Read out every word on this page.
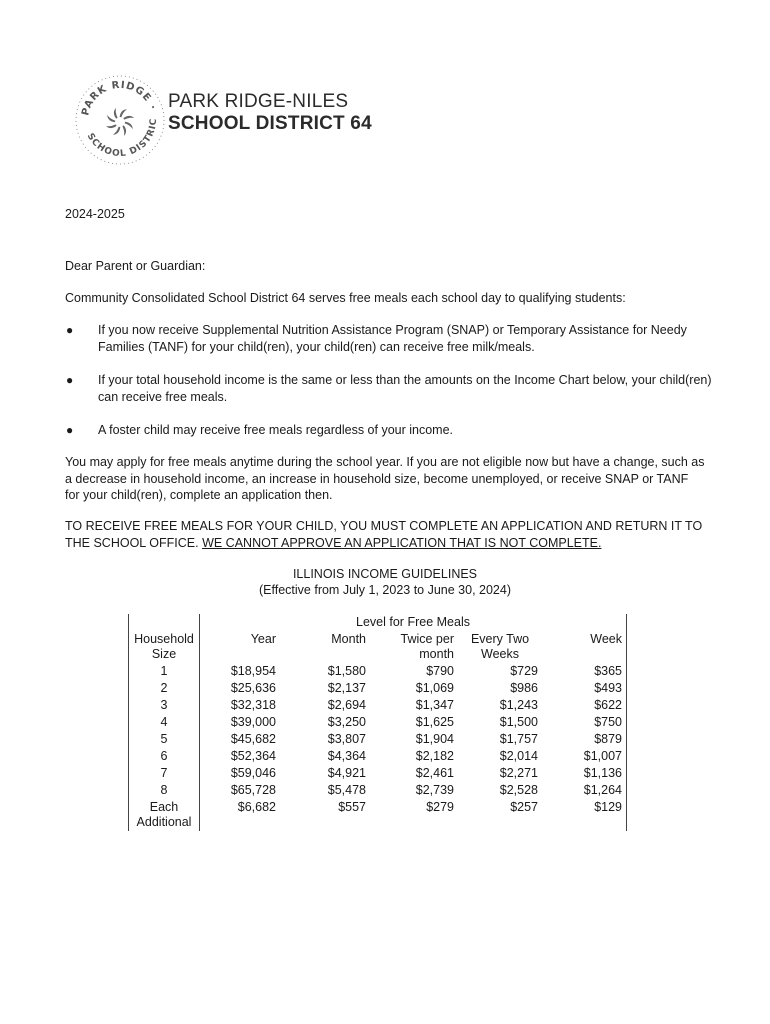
PARK RIDGE ·
SCHOOL DISTRIC
PARK RIDGE-NILES
SCHOOL DISTRICT 64
2024-2025
Dear Parent or Guardian:
Community Consolidated School District 64 serves free meals each school day to qualifying students:
● If you now receive Supplemental Nutrition Assistance Program (SNAP) or Temporary Assistance for Needy Families (TANF) for your child(ren), your child(ren) can receive free milk/meals.
● If your total household income is the same or less than the amounts on the Income Chart below, your child(ren) can receive free meals.
● A foster child may receive free meals regardless of your income.
You may apply for free meals anytime during the school year. If you are not eligible now but have a change, such as a decrease in household income, an increase in household size, become unemployed, or receive SNAP or TANF for your child(ren), complete an application then.
TO RECEIVE FREE MEALS FOR YOUR CHILD, YOU MUST COMPLETE AN APPLICATION AND RETURN IT TO THE SCHOOL OFFICE. WE CANNOT APPROVE AN APPLICATION THAT IS NOT COMPLETE.
ILLINOIS INCOME GUIDELINES
(Effective from July 1, 2023 to June 30, 2024)
	Level for Free Meals				
Household Size	Year	Month	Twice per month	Every Two Weeks	Week
1	$18,954	$1,580	$790	$729	$365
2	$25,636	$2,137	$1,069	$986	$493
3	$32,318	$2,694	$1,347	$1,243	$622
4	$39,000	$3,250	$1,625	$1,500	$750
5	$45,682	$3,807	$1,904	$1,757	$879
6	$52,364	$4,364	$2,182	$2,014	$1,007
7	$59,046	$4,921	$2,461	$2,271	$1,136
8	$65,728	$5,478	$2,739	$2,528	$1,264
Each Additional	$6,682	$557	$279	$257	$129
